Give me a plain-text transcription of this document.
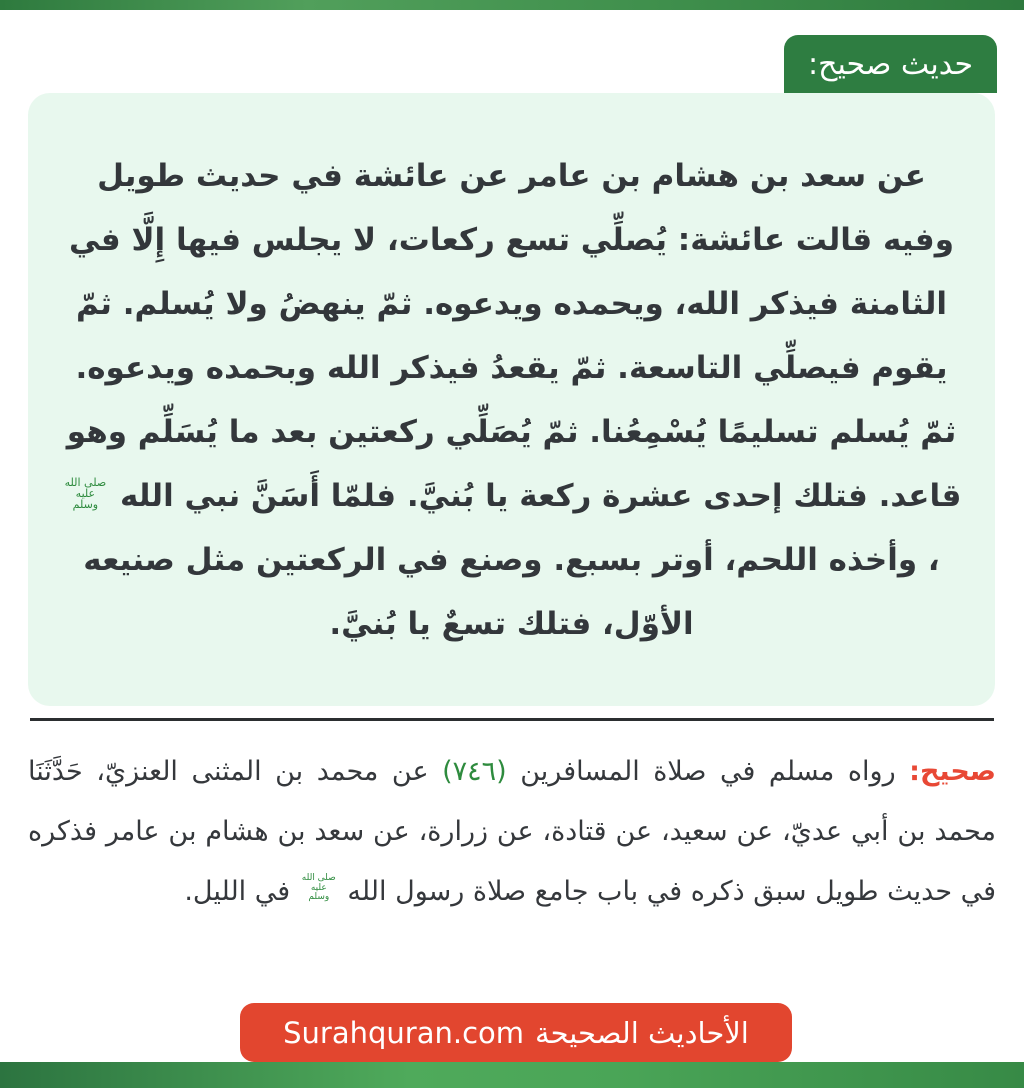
حديث صحيح:

عن سعد بن هشام بن عامر عن عائشة في حديث طويل وفيه قالت عائشة: يُصلِّي تسع ركعات، لا يجلس فيها إِلَّا في الثامنة فيذكر الله، ويحمده ويدعوه. ثمّ ينهضُ ولا يُسلم. ثمّ يقوم فيصلِّي التاسعة. ثمّ يقعدُ فيذكر الله وبحمده ويدعوه. ثمّ يُسلم تسليمًا يُسْمِعُنا. ثمّ يُصَلِّي ركعتين بعد ما يُسَلِّم وهو قاعد. فتلك إحدى عشرة ركعة يا بُنيَّ. فلمّا أَسَنَّ نبي الله
صلى الله
عليه
وسلم
، وأخذه اللحم، أوتر بسبع. وصنع في الركعتين مثل صنيعه الأوّل، فتلك تسعٌ يا بُنيَّ.

صحيح: رواه مسلم في صلاة المسافرين (٧٤٦) عن محمد بن المثنى العنزيّ، حَدَّثَنَا محمد بن أبي عديّ، عن سعيد، عن قتادة، عن زرارة، عن سعد بن هشام بن عامر فذكره في حديث طويل سبق ذكره في باب جامع صلاة رسول الله
صلى الله
عليه
وسلم
في الليل.

الأحاديث الصحيحة
Surahquran.com
